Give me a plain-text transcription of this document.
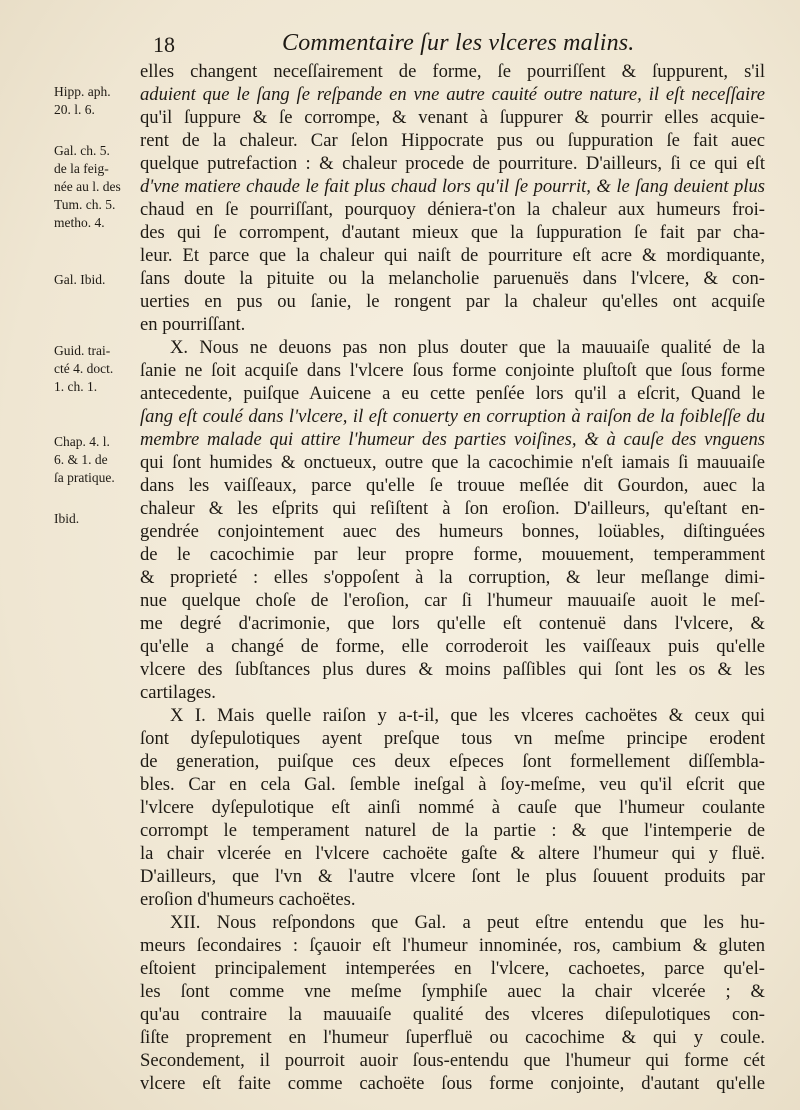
18	Commentaire ſur les vlceres malins.
Hipp. aph.
20. l. 6.
Gal. ch. 5.
de la feig-
née au l. des
Tum. ch. 5.
metho. 4.
Gal. Ibid.
Guid. trai-
cté 4. doct.
1. ch. 1.
Chap. 4. l.
6. & 1. de
ſa pratique.
Ibid.
elles changent neceſſairement de forme, ſe pourriſſent & ſuppurent, s'il
aduient que le ſang ſe reſpande en vne autre cauité outre nature, il eſt neceſſaire
qu'il ſuppure & ſe corrompe, & venant à ſuppurer & pourrir elles acquie-
rent de la chaleur. Car ſelon Hippocrate pus ou ſuppuration ſe fait auec
quelque putrefaction : & chaleur procede de pourriture. D'ailleurs, ſi ce qui eſt
d'vne matiere chaude le fait plus chaud lors qu'il ſe pourrit, & le ſang deuient plus
chaud en ſe pourriſſant, pourquoy déniera-t'on la chaleur aux humeurs froi-
des qui ſe corrompent, d'autant mieux que la ſuppuration ſe fait par cha-
leur. Et parce que la chaleur qui naiſt de pourriture eſt acre & mordiquante,
ſans doute la pituite ou la melancholie paruenuës dans l'vlcere, & con-
uerties en pus ou ſanie, le rongent par la chaleur qu'elles ont acquiſe
en pourriſſant.
X. Nous ne deuons pas non plus douter que la mauuaiſe qualité de la
ſanie ne ſoit acquiſe dans l'vlcere ſous forme conjointe pluſtoſt que ſous forme
antecedente, puiſque Auicene a eu cette penſée lors qu'il a eſcrit, Quand le
ſang eſt coulé dans l'vlcere, il eſt conuerty en corruption à raiſon de la foibleſſe du
membre malade qui attire l'humeur des parties voiſines, & à cauſe des vnguens
qui ſont humides & onctueux, outre que la cacochimie n'eſt iamais ſi mauuaiſe
dans les vaiſſeaux, parce qu'elle ſe trouue meſlée dit Gourdon, auec la
chaleur & les eſprits qui reſiſtent à ſon eroſion. D'ailleurs, qu'eſtant en-
gendrée conjointement auec des humeurs bonnes, loüables, diſtinguées
de le cacochimie par leur propre forme, mouuement, temperamment
& proprieté : elles s'oppoſent à la corruption, & leur meſlange dimi-
nue quelque choſe de l'eroſion, car ſi l'humeur mauuaiſe auoit le meſ-
me degré d'acrimonie, que lors qu'elle eſt contenuë dans l'vlcere, &
qu'elle a changé de forme, elle corroderoit les vaiſſeaux puis qu'elle
vlcere des ſubſtances plus dures & moins paſſibles qui ſont les os & les
cartilages.
X I. Mais quelle raiſon y a-t-il, que les vlceres cachoëtes & ceux qui
ſont dyſepulotiques ayent preſque tous vn meſme principe erodent
de generation, puiſque ces deux eſpeces ſont formellement diſſembla-
bles. Car en cela Gal. ſemble ineſgal à ſoy-meſme, veu qu'il eſcrit que
l'vlcere dyſepulotique eſt ainſi nommé à cauſe que l'humeur coulante
corrompt le temperament naturel de la partie : & que l'intemperie de
la chair vlcerée en l'vlcere cachoëte gaſte & altere l'humeur qui y fluë.
D'ailleurs, que l'vn & l'autre vlcere ſont le plus ſouuent produits par
eroſion d'humeurs cachoëtes.
XII. Nous reſpondons que Gal. a peut eſtre entendu que les hu-
meurs ſecondaires : ſçauoir eſt l'humeur innominée, ros, cambium & gluten
eſtoient principalement intemperées en l'vlcere, cachoetes, parce qu'el-
les ſont comme vne meſme ſymphiſe auec la chair vlcerée ; &
qu'au contraire la mauuaiſe qualité des vlceres diſepulotiques con-
ſiſte proprement en l'humeur ſuperfluë ou cacochime & qui y coule.
Secondement, il pourroit auoir ſous-entendu que l'humeur qui forme cét
vlcere eſt faite comme cachoëte ſous forme conjointe, d'autant qu'elle
